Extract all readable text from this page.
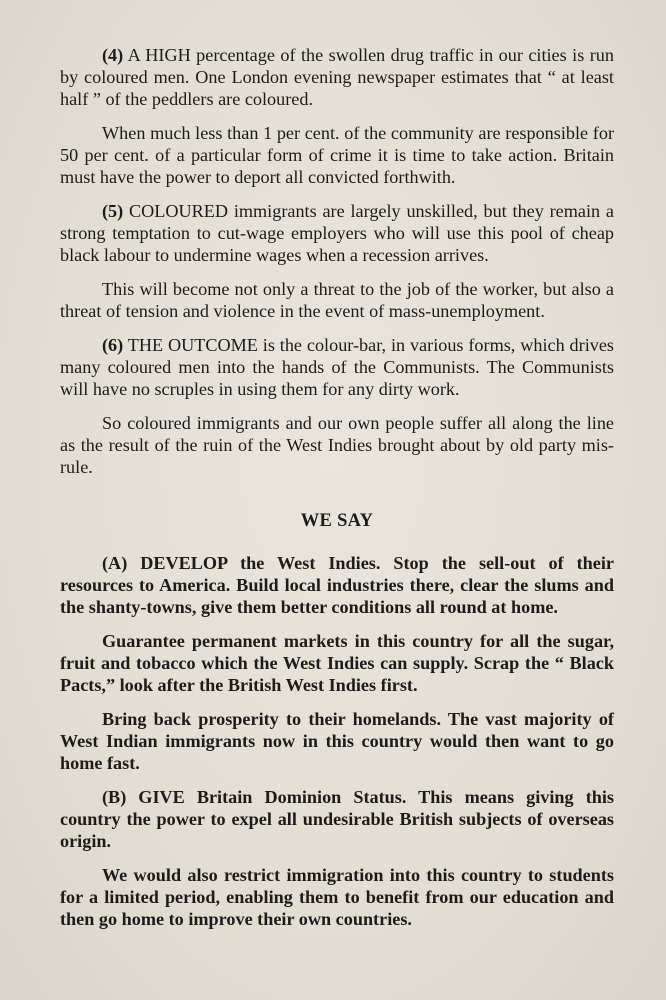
(4) A HIGH percentage of the swollen drug traffic in our cities is run by coloured men. One London evening newspaper estimates that “ at least half ” of the peddlers are coloured.

When much less than 1 per cent. of the community are responsible for 50 per cent. of a particular form of crime it is time to take action. Britain must have the power to deport all convicted forthwith.

(5) COLOURED immigrants are largely unskilled, but they remain a strong temptation to cut-wage employers who will use this pool of cheap black labour to undermine wages when a recession arrives.

This will become not only a threat to the job of the worker, but also a threat of tension and violence in the event of mass-unemployment.

(6) THE OUTCOME is the colour-bar, in various forms, which drives many coloured men into the hands of the Communists. The Communists will have no scruples in using them for any dirty work.

So coloured immigrants and our own people suffer all along the line as the result of the ruin of the West Indies brought about by old party mis-rule.

WE SAY

(A) DEVELOP the West Indies. Stop the sell-out of their resources to America. Build local industries there, clear the slums and the shanty-towns, give them better conditions all round at home.

Guarantee permanent markets in this country for all the sugar, fruit and tobacco which the West Indies can supply. Scrap the “ Black Pacts,” look after the British West Indies first.

Bring back prosperity to their homelands. The vast majority of West Indian immigrants now in this country would then want to go home fast.

(B) GIVE Britain Dominion Status. This means giving this country the power to expel all undesirable British subjects of overseas origin.

We would also restrict immigration into this country to students for a limited period, enabling them to benefit from our education and then go home to improve their own countries.
